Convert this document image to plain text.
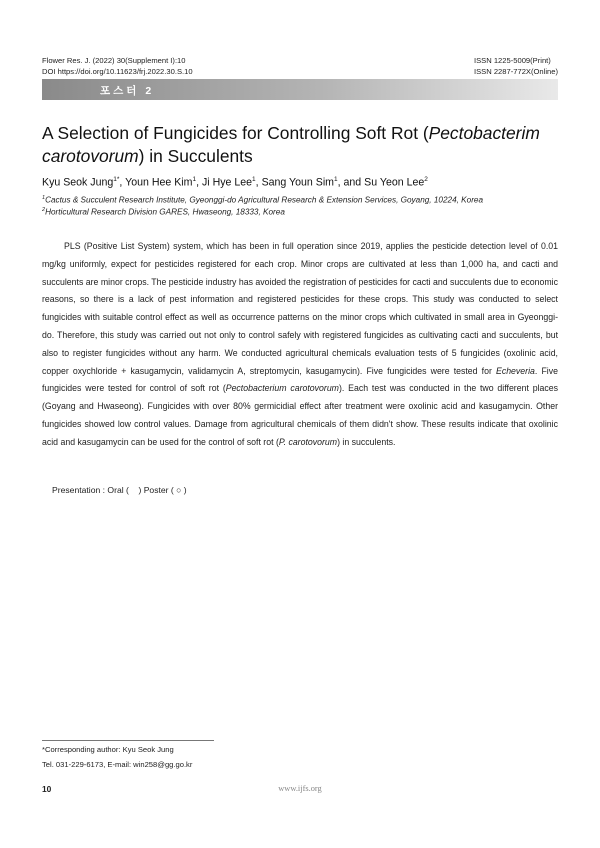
Flower Res. J. (2022) 30(Supplement I):10
DOI https://doi.org/10.11623/frj.2022.30.S.10
ISSN 1225-5009(Print)
ISSN 2287-772X(Online)
포스터 2
A Selection of Fungicides for Controlling Soft Rot (Pectobacterim carotovorum) in Succulents
Kyu Seok Jung$^{1*}$, Youn Hee Kim$^1$, Ji Hye Lee$^1$, Sang Youn Sim$^1$, and Su Yeon Lee$^2$
$^1$Cactus & Succulent Research Institute, Gyeonggi-do Agricultural Research & Extension Services, Goyang, 10224, Korea
$^2$Horticultural Research Division GARES, Hwaseong, 18333, Korea

PLS (Positive List System) system, which has been in full operation since 2019, applies the pesticide detection level of 0.01 mg/kg uniformly, expect for pesticides registered for each crop. Minor crops are cultivated at less than 1,000 ha, and cacti and succulents are minor crops. The pesticide industry has avoided the registration of pesticides for cacti and succulents due to economic reasons, so there is a lack of pest information and registered pesticides for these crops. This study was conducted to select fungicides with suitable control effect as well as occurrence patterns on the minor crops which cultivated in small area in Gyeonggi-do. Therefore, this study was carried out not only to control safely with registered fungicides as cultivating cacti and succulents, but also to register fungicides without any harm. We conducted agricultural chemicals evaluation tests of 5 fungicides (oxolinic acid, copper oxychloride + kasugamycin, validamycin A, streptomycin, kasugamycin). Five fungicides were tested for Echeveria. Five fungicides were tested for control of soft rot (Pectobacterium carotovorum). Each test was conducted in the two different places (Goyang and Hwaseong). Fungicides with over 80% germicidial effect after treatment were oxolinic acid and kasugamycin. Other fungicides showed low control values. Damage from agricultural chemicals of them didn't show. These results indicate that oxolinic acid and kasugamycin can be used for the control of soft rot (P. carotovorum) in succulents.

Presentation : Oral (    ) Poster ( ○ )
*Corresponding author: Kyu Seok Jung
Tel. 031-229-6173, E-mail: win258@gg.go.kr
10	www.ijfs.org
